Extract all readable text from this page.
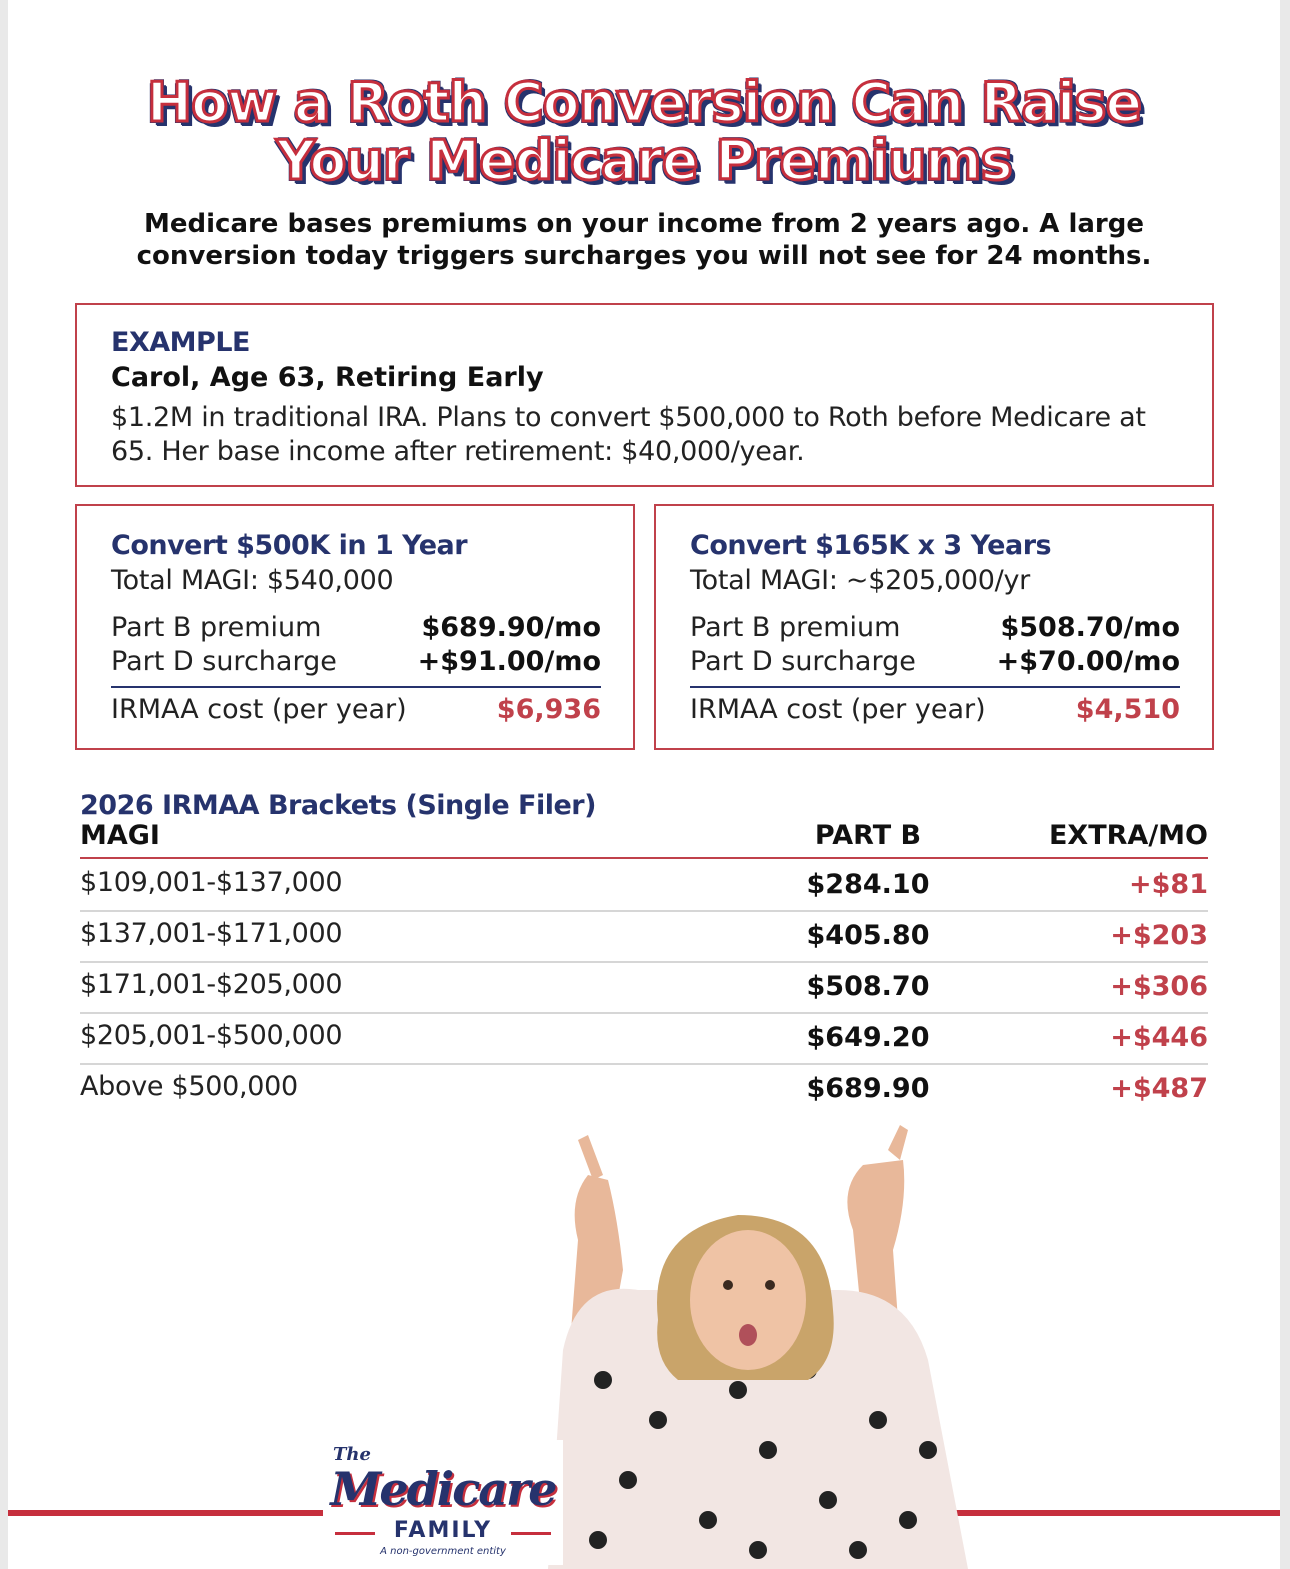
How a Roth Conversion Can Raise
Your Medicare Premiums

Medicare bases premiums on your income from 2 years ago. A large
conversion today triggers surcharges you will not see for 24 months.

EXAMPLE
Carol, Age 63, Retiring Early
$1.2M in traditional IRA. Plans to convert $500,000 to Roth before Medicare at 65. Her base income after retirement: $40,000/year.
Convert $500K in 1 Year
Total MAGI: $540,000
Part B premium	$689.90/mo
Part D surcharge	+$91.00/mo
IRMAA cost (per year)	$6,936
Convert $165K x 3 Years
Total MAGI: ~$205,000/yr
Part B premium	$508.70/mo
Part D surcharge	+$70.00/mo
IRMAA cost (per year)	$4,510
2026 IRMAA Brackets (Single Filer)
MAGI	PART B	EXTRA/MO
$109,001-$137,000	$284.10	+$81
$137,001-$171,000	$405.80	+$203
$171,001-$205,000	$508.70	+$306
$205,001-$500,000	$649.20	+$446
Above $500,000	$689.90	+$487
The
Medicare
FAMILY
A non-government entity
